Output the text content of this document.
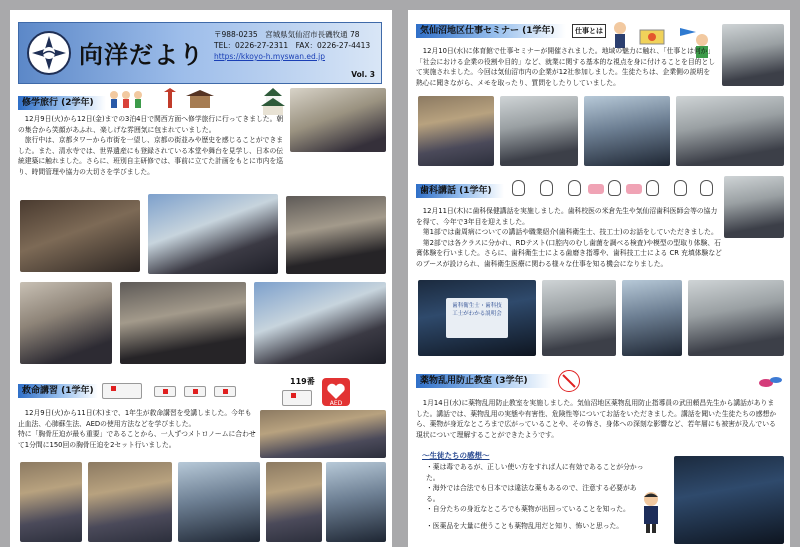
向洋だより
〒988-0235　宮城県気仙沼市長磯牧通 78
TEL：0226-27-2311　FAX：0226-27-4413
https://kkoyo-h.myswan.ed.jp
Vol. 3
修学旅行 (2学年)
　12月9日(火)から12日(金)までの3泊4日で関西方面へ修学旅行に行ってきました。朝の集合から笑顔があふれ、楽しげな雰囲気に包まれていました。
　旅行中は、京都タワーから市街を一望し、京都の街並みや歴史を感じることができました。また、清水寺では、世界遺産にも登録されている本堂や舞台を見学し、日本の伝統建築に触れました。さらに、班別自主研修では、事前に立てた計画をもとに市内を巡り、時間管理や協力の大切さを学びました。
救命講習 (1学年)
119番
AED
　12月9日(火)から11日(木)まで、1年生が救命講習を受講しました。今年も止血法、心肺蘇生法、AEDの使用方法などを学びました。
特に「胸骨圧迫が最も重要」であることから、一人ずつメトロノームに合わせて1分間に150回の胸骨圧迫を2セット行いました。
気仙沼地区仕事セミナー (1学年)	仕事とは
　12月10日(水)に体育館で仕事セミナーが開催されました。地域の魅力に触れ、「仕事とは何か」「社会における企業の役割や目的」など、就業に関する基本的な視点を身に付けることを目的として実施されました。今回は気仙沼市内の企業が12社参加しました。生徒たちは、企業側の説明を熱心に聞きながら、メモを取ったり、質問をしたりしていました。
歯科講話 (1学年)
　12月11日(木)に歯科保健講話を実施しました。歯科校医の米倉先生や気仙沼歯科医師会等の協力を得て、今年で3年目を迎えました。
　第1部では歯周病についての講話や職業紹介(歯科衛生士、技工士)のお話をしていただきました。
　第2部では各クラスに分かれ、RDテスト(口腔内のむし歯菌を調べる検査)や模型の型取り体験、石膏体験を行いました。さらに、歯科衛生士による歯磨き指導や、歯科技工士による CR 充填体験などのブースが設けられ、歯科衛生医療に関わる様々な仕事を知る機会になりました。
歯科衛生士・歯科技工士がわかる説明会
薬物乱用防止教室 (3学年)
　1月14日(水)に薬物乱用防止教室を実施しました。気仙沼地区薬物乱用防止指導員の武田頼昌先生から講話がありました。講話では、薬物乱用の実態や有害性、危険性等についてお話をいただきました。講話を聞いた生徒たちの感想から、薬物が身近なところまで広がっていることや、その怖さ、身体への深刻な影響など、若年層にも被害が及んでいる現状について理解することができたようです。
〜生徒たちの感想〜
・薬は毒であるが、正しい使い方をすれば人に有効であることが分かった。
・海外では合法でも日本では違法な薬もあるので、注意する必要がある。
・自分たちの身近なところでも薬物が出回っていることを知った。
・医薬品を大量に使うことも薬物乱用だと知り、怖いと思った。
